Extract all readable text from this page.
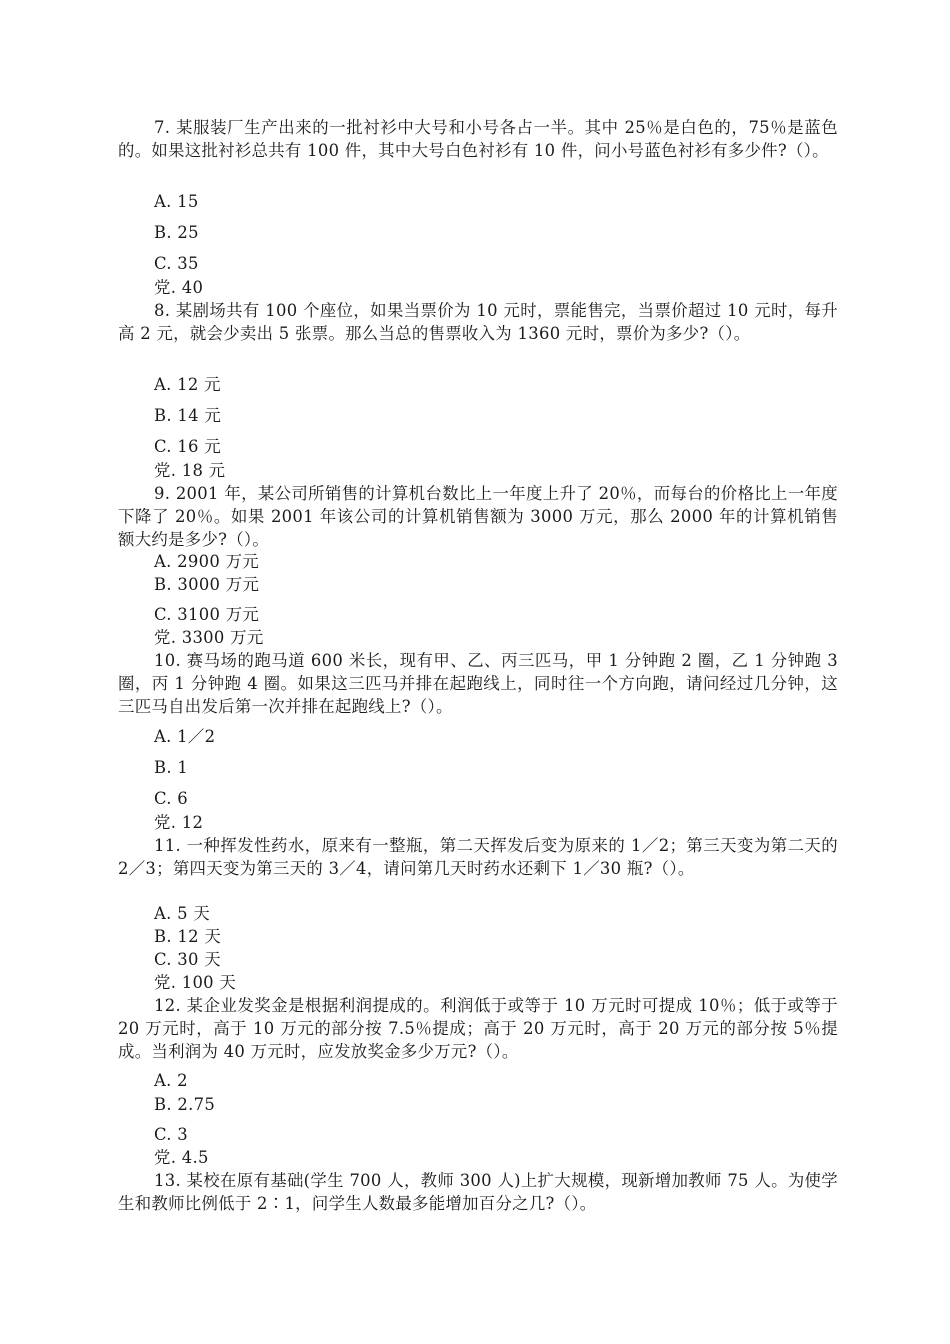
7. 某服装厂生产出来的一批衬衫中大号和小号各占一半。其中 25％是白色的，75％是蓝色的。如果这批衬衫总共有 100 件，其中大号白色衬衫有 10 件，问小号蓝色衬衫有多少件?（）。

A. 15

B. 25

C. 35

党. 40

8. 某剧场共有 100 个座位，如果当票价为 10 元时，票能售完，当票价超过 10 元时，每升高 2 元，就会少卖出 5 张票。那么当总的售票收入为 1360 元时，票价为多少?（）。

A. 12 元

B. 14 元

C. 16 元

党. 18 元

9. 2001 年，某公司所销售的计算机台数比上一年度上升了 20％，而每台的价格比上一年度下降了 20％。如果 2001 年该公司的计算机销售额为 3000 万元，那么 2000 年的计算机销售额大约是多少?（）。

A. 2900 万元

B. 3000 万元

C. 3100 万元

党. 3300 万元

10. 赛马场的跑马道 600 米长，现有甲、乙、丙三匹马，甲 1 分钟跑 2 圈，乙 1 分钟跑 3 圈，丙 1 分钟跑 4 圈。如果这三匹马并排在起跑线上，同时往一个方向跑，请问经过几分钟，这三匹马自出发后第一次并排在起跑线上?（）。

A. 1／2

B. 1

C. 6

党. 12

11. 一种挥发性药水，原来有一整瓶，第二天挥发后变为原来的 1／2；第三天变为第二天的 2／3；第四天变为第三天的 3／4，请问第几天时药水还剩下 1／30 瓶?（）。

A. 5 天

B. 12 天

C. 30 天

党. 100 天

12. 某企业发奖金是根据利润提成的。利润低于或等于 10 万元时可提成 10％；低于或等于 20 万元时，高于 10 万元的部分按 7.5％提成；高于 20 万元时，高于 20 万元的部分按 5％提成。当利润为 40 万元时，应发放奖金多少万元?（）。

A. 2

B. 2.75

C. 3

党. 4.5

13. 某校在原有基础(学生 700 人，教师 300 人)上扩大规模，现新增加教师 75 人。为使学生和教师比例低于 2∶1，问学生人数最多能增加百分之几?（）。
